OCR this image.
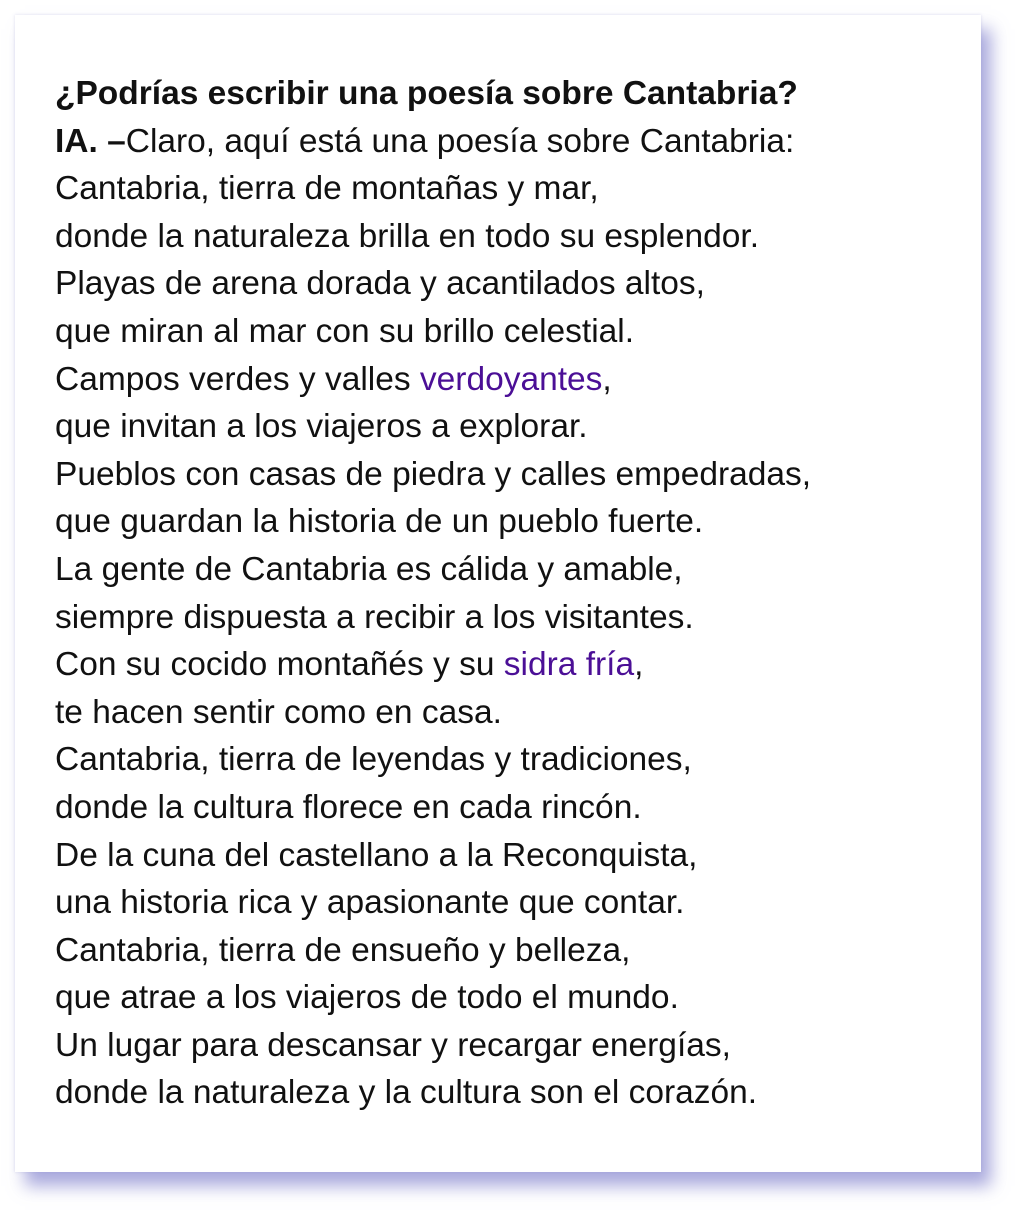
¿Podrías escribir una poesía sobre Cantabria?
IA. –Claro, aquí está una poesía sobre Cantabria:
Cantabria, tierra de montañas y mar,
donde la naturaleza brilla en todo su esplendor.
Playas de arena dorada y acantilados altos,
que miran al mar con su brillo celestial.
Campos verdes y valles verdoyantes,
que invitan a los viajeros a explorar.
Pueblos con casas de piedra y calles empedradas,
que guardan la historia de un pueblo fuerte.
La gente de Cantabria es cálida y amable,
siempre dispuesta a recibir a los visitantes.
Con su cocido montañés y su sidra fría,
te hacen sentir como en casa.
Cantabria, tierra de leyendas y tradiciones,
donde la cultura florece en cada rincón.
De la cuna del castellano a la Reconquista,
una historia rica y apasionante que contar.
Cantabria, tierra de ensueño y belleza,
que atrae a los viajeros de todo el mundo.
Un lugar para descansar y recargar energías,
donde la naturaleza y la cultura son el corazón.
